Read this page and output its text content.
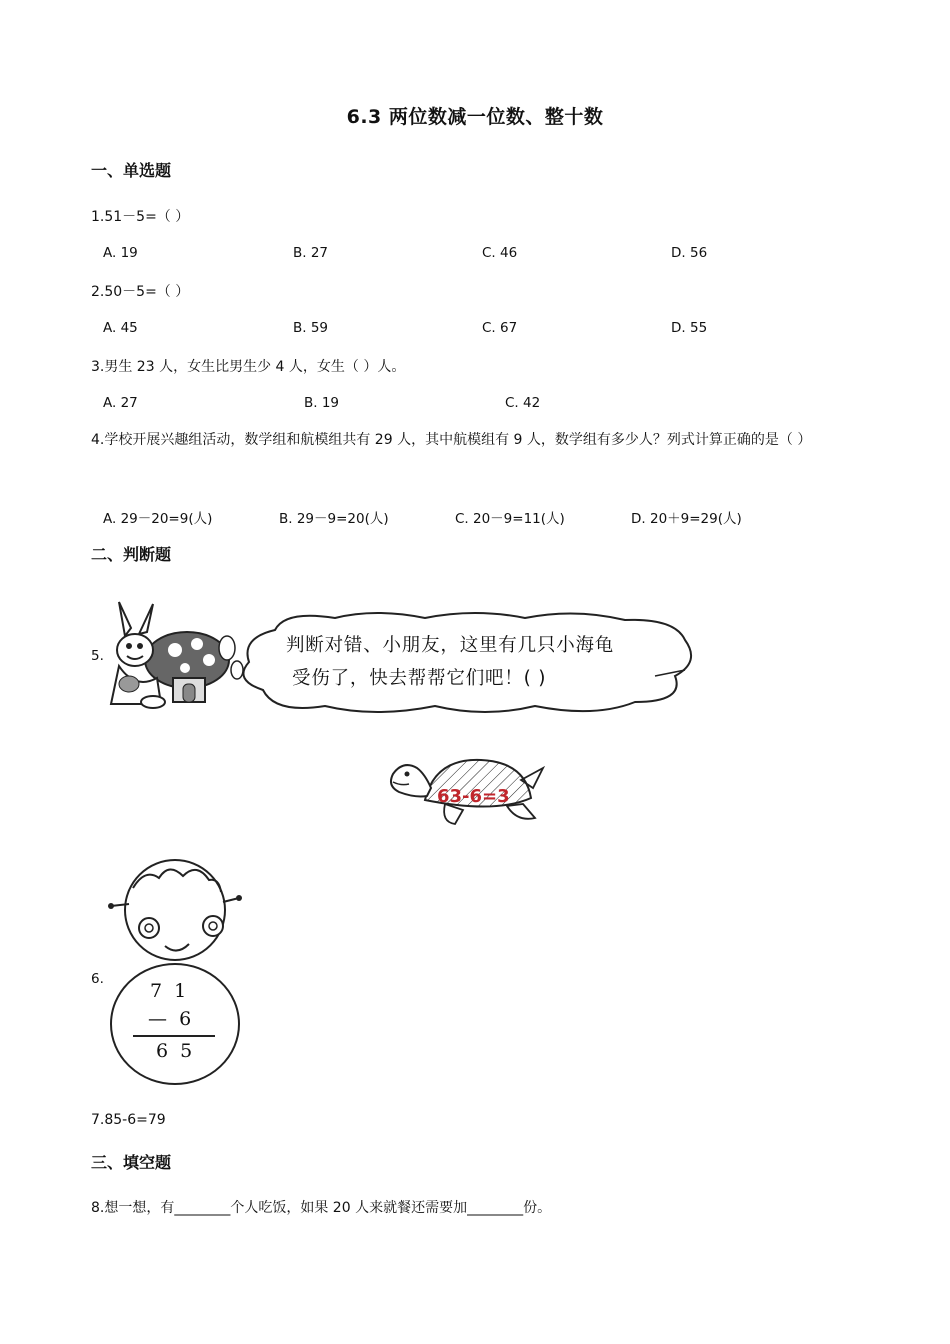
6.3 两位数减一位数、整十数
一、单选题
1.51－5=（ ）
A. 19	B. 27	C. 46	D. 56
2.50－5=（ ）
A. 45	B. 59	C. 67	D. 55
3.男生 23 人，女生比男生少 4 人，女生（ ）人。
A. 27	B. 19	C. 42
4.学校开展兴趣组活动，数学组和航模组共有 29 人，其中航模组有 9 人，数学组有多少人？列式计算正确的是（ ）
A. 29－20=9(人)	B. 29－9=20(人)	C. 20－9=11(人)	D. 20＋9=29(人)
二、判断题
5.	判断对错、小朋友，这里有几只小海龟
受伤了，快去帮帮它们吧！( )
63-6=3
6.
7  1
—  6
6  5
7.85-6=79
三、填空题
8.想一想，有________个人吃饭，如果 20 人来就餐还需要加________份。
